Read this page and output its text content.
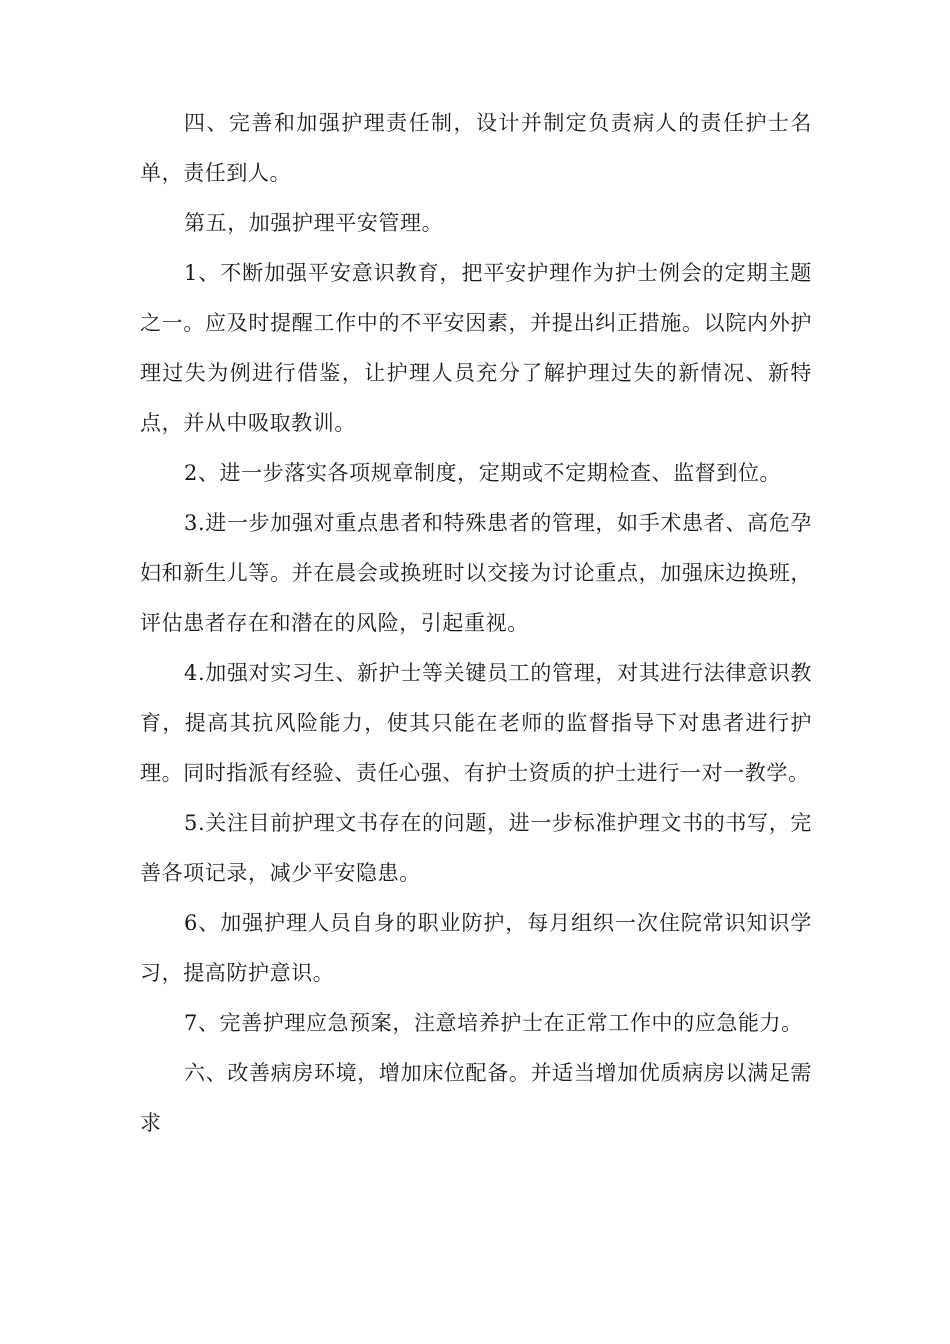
四、完善和加强护理责任制，设计并制定负责病人的责任护士名单，责任到人。

第五，加强护理平安管理。

1、不断加强平安意识教育，把平安护理作为护士例会的定期主题之一。应及时提醒工作中的不平安因素，并提出纠正措施。以院内外护理过失为例进行借鉴，让护理人员充分了解护理过失的新情况、新特点，并从中吸取教训。

2、进一步落实各项规章制度，定期或不定期检查、监督到位。

3.进一步加强对重点患者和特殊患者的管理，如手术患者、高危孕妇和新生儿等。并在晨会或换班时以交接为讨论重点，加强床边换班，评估患者存在和潜在的风险，引起重视。

4.加强对实习生、新护士等关键员工的管理，对其进行法律意识教育，提高其抗风险能力，使其只能在老师的监督指导下对患者进行护理。同时指派有经验、责任心强、有护士资质的护士进行一对一教学。

5.关注目前护理文书存在的问题，进一步标准护理文书的书写，完善各项记录，减少平安隐患。

6、加强护理人员自身的职业防护，每月组织一次住院常识知识学习，提高防护意识。

7、完善护理应急预案，注意培养护士在正常工作中的应急能力。

六、改善病房环境，增加床位配备。并适当增加优质病房以满足需求
